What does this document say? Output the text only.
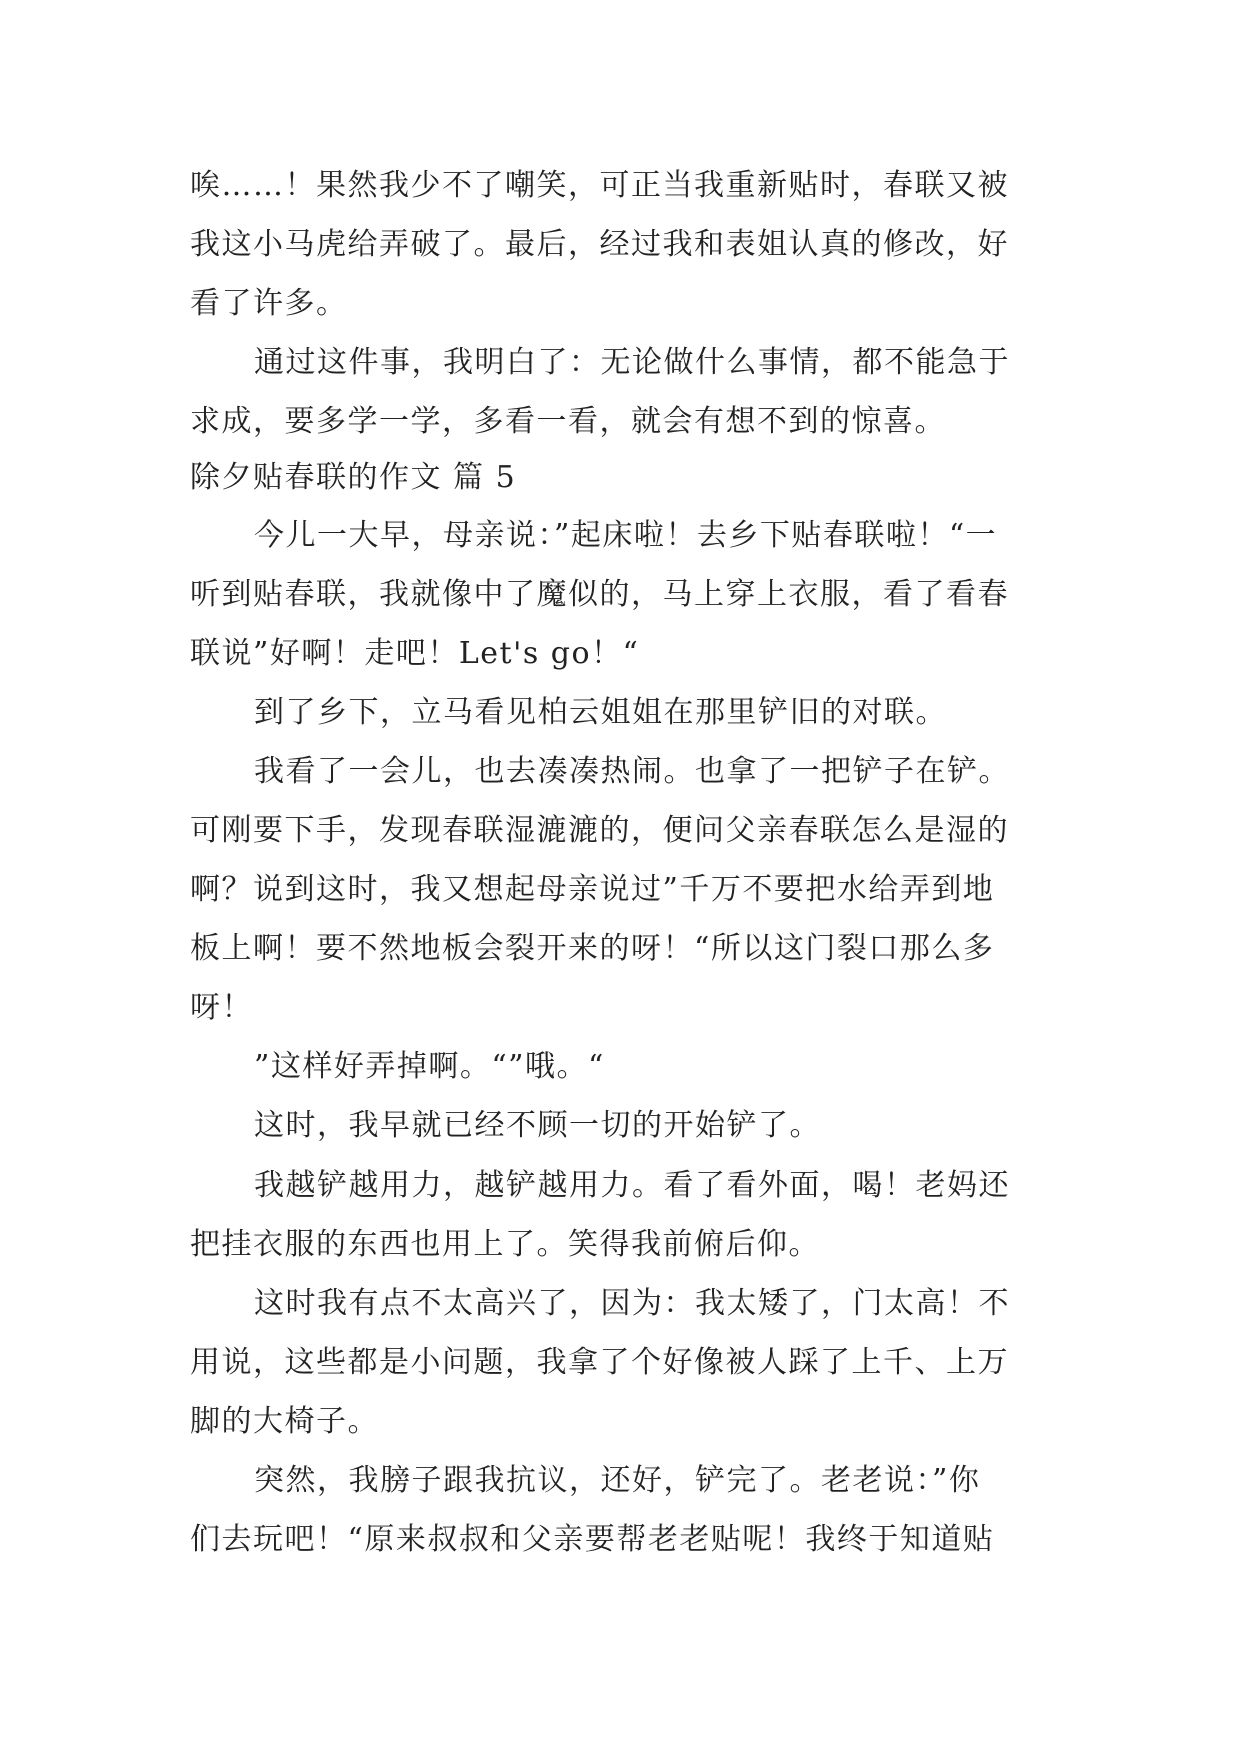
唉……！果然我少不了嘲笑，可正当我重新贴时，春联又被
我这小马虎给弄破了。最后，经过我和表姐认真的修改，好
看了许多。
通过这件事，我明白了：无论做什么事情，都不能急于
求成，要多学一学，多看一看，就会有想不到的惊喜。
除夕贴春联的作文 篇 5
今儿一大早，母亲说：”起床啦！去乡下贴春联啦！“一
听到贴春联，我就像中了魔似的，马上穿上衣服，看了看春
联说”好啊！走吧！Let's go！“
到了乡下，立马看见柏云姐姐在那里铲旧的对联。
我看了一会儿，也去凑凑热闹。也拿了一把铲子在铲。
可刚要下手，发现春联湿漉漉的，便问父亲春联怎么是湿的
啊？说到这时，我又想起母亲说过”千万不要把水给弄到地
板上啊！要不然地板会裂开来的呀！“所以这门裂口那么多
呀！
”这样好弄掉啊。“”哦。“
这时，我早就已经不顾一切的开始铲了。
我越铲越用力，越铲越用力。看了看外面，喝！老妈还
把挂衣服的东西也用上了。笑得我前俯后仰。
这时我有点不太高兴了，因为：我太矮了，门太高！不
用说，这些都是小问题，我拿了个好像被人踩了上千、上万
脚的大椅子。
突然，我膀子跟我抗议，还好，铲完了。老老说：”你
们去玩吧！“原来叔叔和父亲要帮老老贴呢！我终于知道贴
